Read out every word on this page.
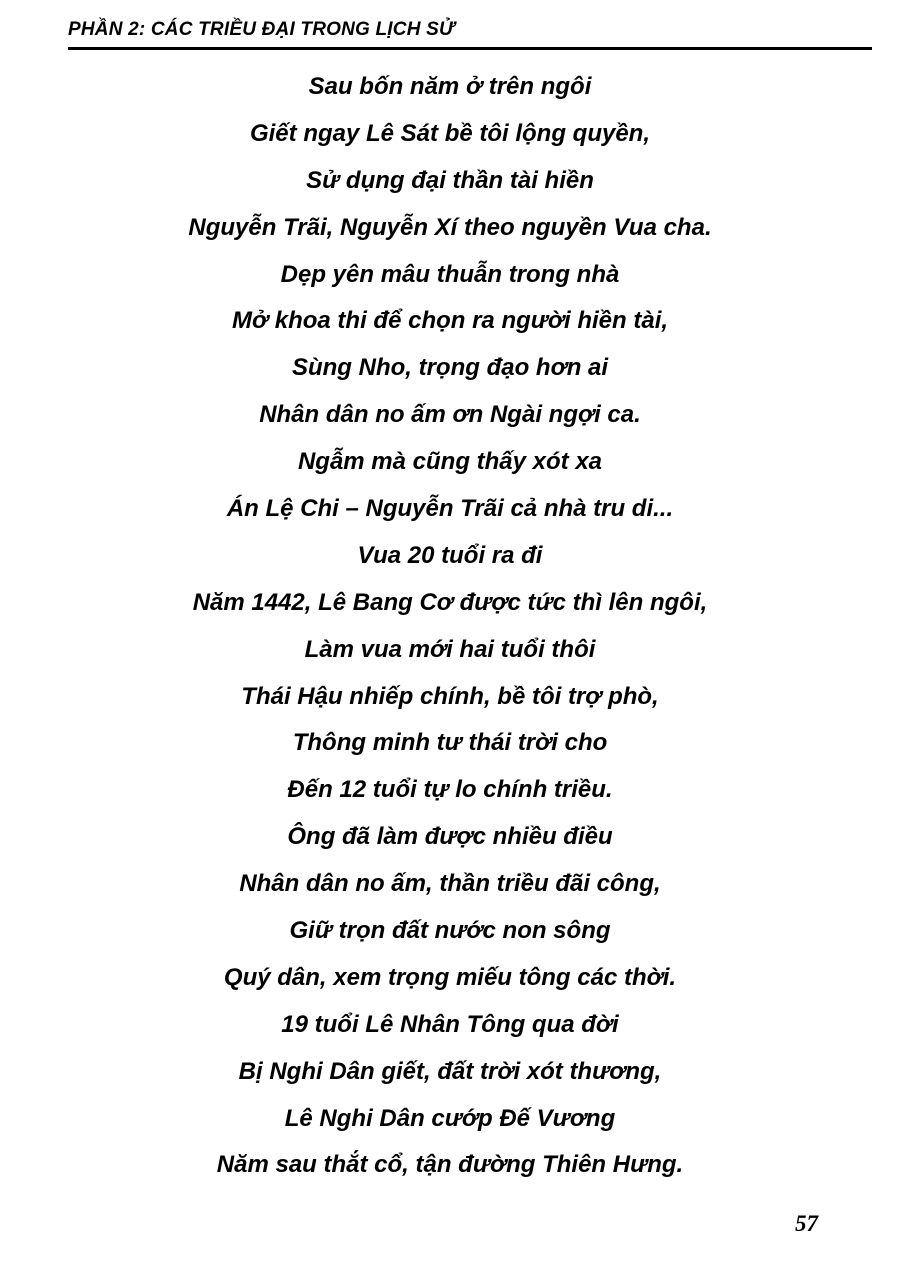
PHẦN 2: CÁC TRIỀU ĐẠI TRONG LỊCH SỬ
Sau bốn năm ở trên ngôi
Giết ngay Lê Sát bề tôi lộng quyền,
Sử dụng đại thần tài hiền
Nguyễn Trãi, Nguyễn Xí theo nguyền Vua cha.
Dẹp yên mâu thuẫn trong nhà
Mở khoa thi để chọn ra người hiền tài,
Sùng Nho, trọng đạo hơn ai
Nhân dân no ấm ơn Ngài ngợi ca.
Ngẫm mà cũng thấy xót xa
Án Lệ Chi – Nguyễn Trãi cả nhà tru di...
Vua 20 tuổi ra đi
Năm 1442, Lê Bang Cơ được tức thì lên ngôi,
Làm vua mới hai tuổi thôi
Thái Hậu nhiếp chính, bề tôi trợ phò,
Thông minh tư thái trời cho
Đến 12 tuổi tự lo chính triều.
Ông đã làm được nhiều điều
Nhân dân no ấm, thần triều đãi công,
Giữ trọn đất nước non sông
Quý dân, xem trọng miếu tông các thời.
19 tuổi Lê Nhân Tông qua đời
Bị Nghi Dân giết, đất trời xót thương,
Lê Nghi Dân cướp Đế Vương
Năm sau thắt cổ, tận đường Thiên Hưng.
57
